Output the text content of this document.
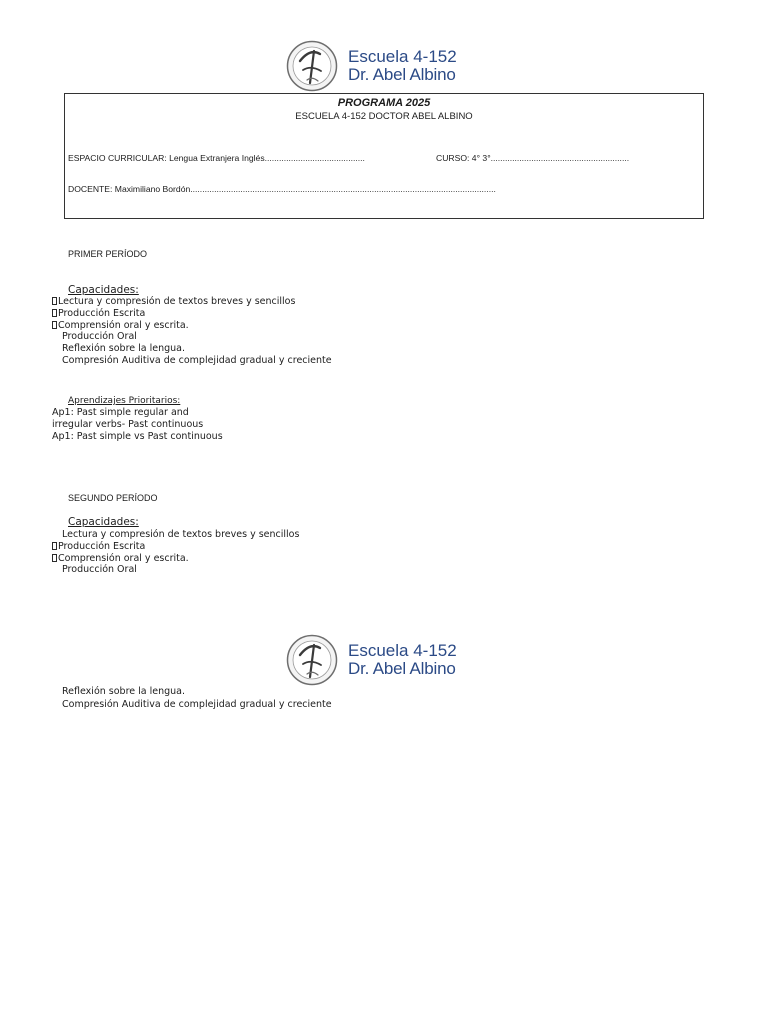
Escuela 4-152
Dr. Abel Albino
PROGRAMA 2025
ESCUELA 4-152 DOCTOR ABEL ALBINO
ESPACIO CURRICULAR: Lengua Extranjera Inglés..........................................	CURSO: 4° 3°..........................................................
DOCENTE: Maximiliano Bordón................................................................................................................................
PRIMER PERÍODO
Capacidades:
Lectura y compresión de textos breves y sencillos
Producción Escrita
Comprensión oral y escrita.
Producción Oral
Reflexión sobre la lengua.
Compresión Auditiva de complejidad gradual y creciente
Aprendizajes Prioritarios:
Ap1: Past simple regular and
irregular verbs- Past continuous
Ap1: Past simple vs Past continuous
SEGUNDO PERÍODO
Capacidades:
Lectura y compresión de textos breves y sencillos
Producción Escrita
Comprensión oral y escrita.
Producción Oral
Escuela 4-152
Dr. Abel Albino
Reflexión sobre la lengua.
Compresión Auditiva de complejidad gradual y creciente
